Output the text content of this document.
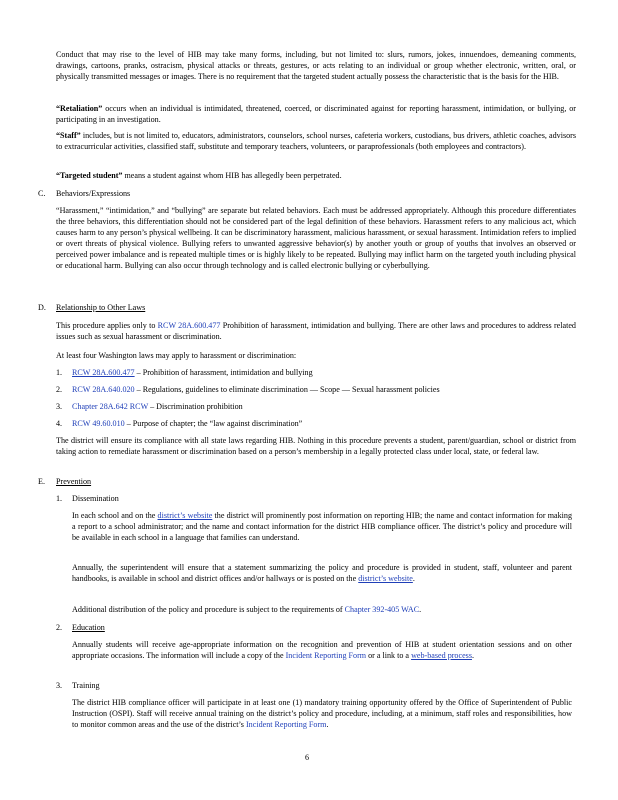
Conduct that may rise to the level of HIB may take many forms, including, but not limited to: slurs, rumors, jokes, innuendoes, demeaning comments, drawings, cartoons, pranks, ostracism, physical attacks or threats, gestures, or acts relating to an individual or group whether electronic, written, oral, or physically transmitted messages or images. There is no requirement that the targeted student actually possess the characteristic that is the basis for the HIB.

“Retaliation” occurs when an individual is intimidated, threatened, coerced, or discriminated against for reporting harassment, intimidation, or bullying, or participating in an investigation.

“Staff” includes, but is not limited to, educators, administrators, counselors, school nurses, cafeteria workers, custodians, bus drivers, athletic coaches, advisors to extracurricular activities, classified staff, substitute and temporary teachers, volunteers, or paraprofessionals (both employees and contractors).

“Targeted student” means a student against whom HIB has allegedly been perpetrated.

C. Behaviors/Expressions

“Harassment,” “intimidation,” and “bullying” are separate but related behaviors. Each must be addressed appropriately. Although this procedure differentiates the three behaviors, this differentiation should not be considered part of the legal definition of these behaviors. Harassment refers to any malicious act, which causes harm to any person’s physical wellbeing. It can be discriminatory harassment, malicious harassment, or sexual harassment. Intimidation refers to implied or overt threats of physical violence. Bullying refers to unwanted aggressive behavior(s) by another youth or group of youths that involves an observed or perceived power imbalance and is repeated multiple times or is highly likely to be repeated. Bullying may inflict harm on the targeted youth including physical or educational harm. Bullying can also occur through technology and is called electronic bullying or cyberbullying.

D. Relationship to Other Laws

This procedure applies only to RCW 28A.600.477 Prohibition of harassment, intimidation and bullying. There are other laws and procedures to address related issues such as sexual harassment or discrimination.

At least four Washington laws may apply to harassment or discrimination:

1. RCW 28A.600.477 – Prohibition of harassment, intimidation and bullying
2. RCW 28A.640.020 – Regulations, guidelines to eliminate discrimination — Scope — Sexual harassment policies
3. Chapter 28A.642 RCW – Discrimination prohibition
4. RCW 49.60.010 – Purpose of chapter; the “law against discrimination”

The district will ensure its compliance with all state laws regarding HIB. Nothing in this procedure prevents a student, parent/guardian, school or district from taking action to remediate harassment or discrimination based on a person’s membership in a legally protected class under local, state, or federal law.

E. Prevention
1. Dissemination

In each school and on the district’s website the district will prominently post information on reporting HIB; the name and contact information for making a report to a school administrator; and the name and contact information for the district HIB compliance officer. The district’s policy and procedure will be available in each school in a language that families can understand.

Annually, the superintendent will ensure that a statement summarizing the policy and procedure is provided in student, staff, volunteer and parent handbooks, is available in school and district offices and/or hallways or is posted on the district’s website.

Additional distribution of the policy and procedure is subject to the requirements of Chapter 392-405 WAC.

2. Education

Annually students will receive age-appropriate information on the recognition and prevention of HIB at student orientation sessions and on other appropriate occasions. The information will include a copy of the Incident Reporting Form or a link to a web-based process.

3. Training

The district HIB compliance officer will participate in at least one (1) mandatory training opportunity offered by the Office of Superintendent of Public Instruction (OSPI). Staff will receive annual training on the district’s policy and procedure, including, at a minimum, staff roles and responsibilities, how to monitor common areas and the use of the district’s Incident Reporting Form.

6
